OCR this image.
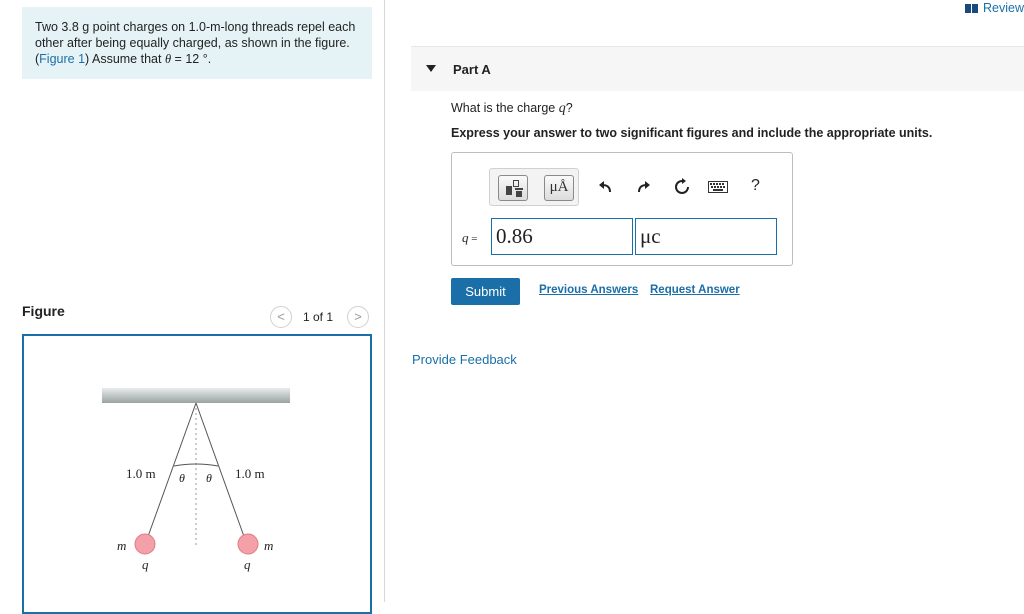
Two 3.8 g point charges on 1.0-m-long threads repel each other after being equally charged, as shown in the figure.(Figure 1) Assume that θ = 12 °.
Review
Part A
What is the charge q?
Express your answer to two significant figures and include the appropriate units.
μÅ	?
q = 0.86	μc
Submit	Previous Answers Request Answer
Provide Feedback
Figure	<	1 of 1	>
1.0 m	1.0 m
θ θ
m	m
q	q
